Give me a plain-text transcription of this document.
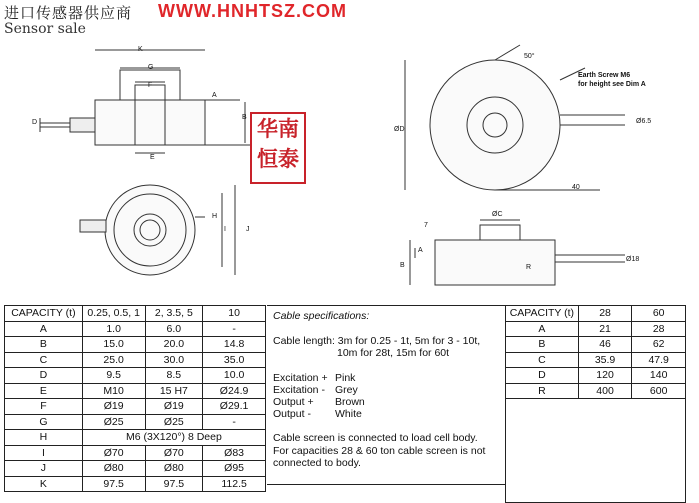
进口传感器供应商 WWW.HNHTSZ.COM
Sensor sale
K
G
F
A
B
D
E
H
I	J
50°
Earth Screw M6
for height see Dim A
ØD
Ø6.5
40
ØC
7
A
B	R
Ø18
华南
恒泰
CAPACITY (t)	0.25, 0.5, 1	2, 3.5, 5	10
A	1.0	6.0	-
B	15.0	20.0	14.8
C	25.0	30.0	35.0
D	9.5	8.5	10.0
E	M10	15 H7	Ø24.9
F	Ø19	Ø19	Ø29.1
G	Ø25	Ø25	-
H	M6 (3X120°) 8 Deep		
I	Ø70	Ø70	Ø83
J	Ø80	Ø80	Ø95
K	97.5	97.5	112.5
Cable specifications:
Cable length: 3m for 0.25 - 1t, 5m for 3 - 10t,
10m for 28t, 15m for 60t
Excitation + Pink
Excitation - Grey
Output + Brown
Output - White
Cable screen is connected to load cell body.
For capacities 28 & 60 ton cable screen is not
connected to body.
CAPACITY (t)	28	60
A	21	28
B	46	62
C	35.9	47.9
D	120	140
R	400	600
